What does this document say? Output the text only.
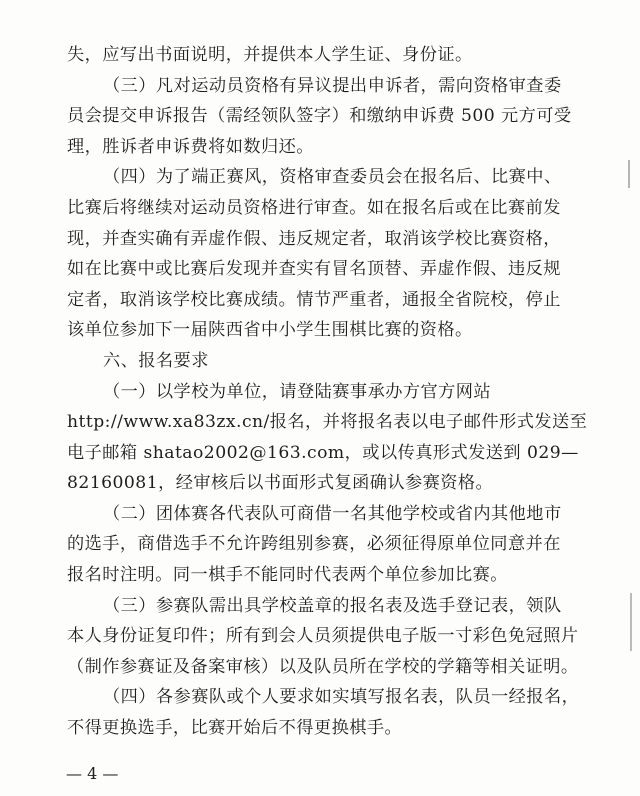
失，应写出书面说明，并提供本人学生证、身份证。
（三）凡对运动员资格有异议提出申诉者，需向资格审查委
员会提交申诉报告（需经领队签字）和缴纳申诉费 500 元方可受
理，胜诉者申诉费将如数归还。
（四）为了端正赛风，资格审查委员会在报名后、比赛中、
比赛后将继续对运动员资格进行审查。如在报名后或在比赛前发
现，并查实确有弄虚作假、违反规定者，取消该学校比赛资格，
如在比赛中或比赛后发现并查实有冒名顶替、弄虚作假、违反规
定者，取消该学校比赛成绩。情节严重者，通报全省院校，停止
该单位参加下一届陕西省中小学生围棋比赛的资格。
六、报名要求
（一）以学校为单位，请登陆赛事承办方官方网站
http://www.xa83zx.cn/报名，并将报名表以电子邮件形式发送至
电子邮箱 shatao2002@163.com，或以传真形式发送到 029—
82160081，经审核后以书面形式复函确认参赛资格。
（二）团体赛各代表队可商借一名其他学校或省内其他地市
的选手，商借选手不允许跨组别参赛，必须征得原单位同意并在
报名时注明。同一棋手不能同时代表两个单位参加比赛。
（三）参赛队需出具学校盖章的报名表及选手登记表，领队
本人身份证复印件；所有到会人员须提供电子版一寸彩色免冠照片
（制作参赛证及备案审核）以及队员所在学校的学籍等相关证明。
（四）各参赛队或个人要求如实填写报名表，队员一经报名，
不得更换选手，比赛开始后不得更换棋手。
— 4 —
